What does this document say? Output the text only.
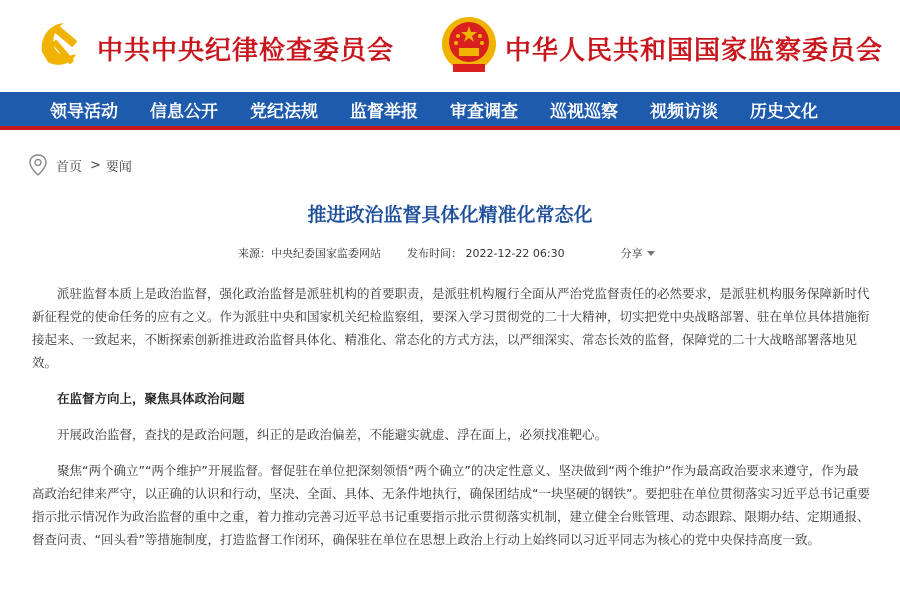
中共中央纪律检查委员会	中华人民共和国国家监察委员会
领导活动 信息公开 党纪法规 监督举报 审查调查 巡视巡察 视频访谈 历史文化
首页 > 要闻
推进政治监督具体化精准化常态化
来源：中央纪委国家监委网站 发布时间： 2022-12-22 06:30	分享

派驻监督本质上是政治监督，强化政治监督是派驻机构的首要职责，是派驻机构履行全面从严治党监督责任的必然要求，是派驻机构服务保障新时代新征程党的使命任务的应有之义。作为派驻中央和国家机关纪检监察组，要深入学习贯彻党的二十大精神，切实把党中央战略部署、驻在单位具体措施衔接起来、一致起来，不断探索创新推进政治监督具体化、精准化、常态化的方式方法，以严细深实、常态长效的监督，保障党的二十大战略部署落地见效。

在监督方向上，聚焦具体政治问题

开展政治监督，查找的是政治问题，纠正的是政治偏差，不能避实就虚、浮在面上，必须找准靶心。

聚焦“两个确立”“两个维护”开展监督。督促驻在单位把深刻领悟“两个确立”的决定性意义、坚决做到“两个维护”作为最高政治要求来遵守，作为最高政治纪律来严守，以正确的认识和行动，坚决、全面、具体、无条件地执行，确保团结成“一块坚硬的钢铁”。要把驻在单位贯彻落实习近平总书记重要指示批示情况作为政治监督的重中之重，着力推动完善习近平总书记重要指示批示贯彻落实机制，建立健全台账管理、动态跟踪、限期办结、定期通报、督查问责、“回头看”等措施制度，打造监督工作闭环，确保驻在单位在思想上政治上行动上始终同以习近平同志为核心的党中央保持高度一致。
